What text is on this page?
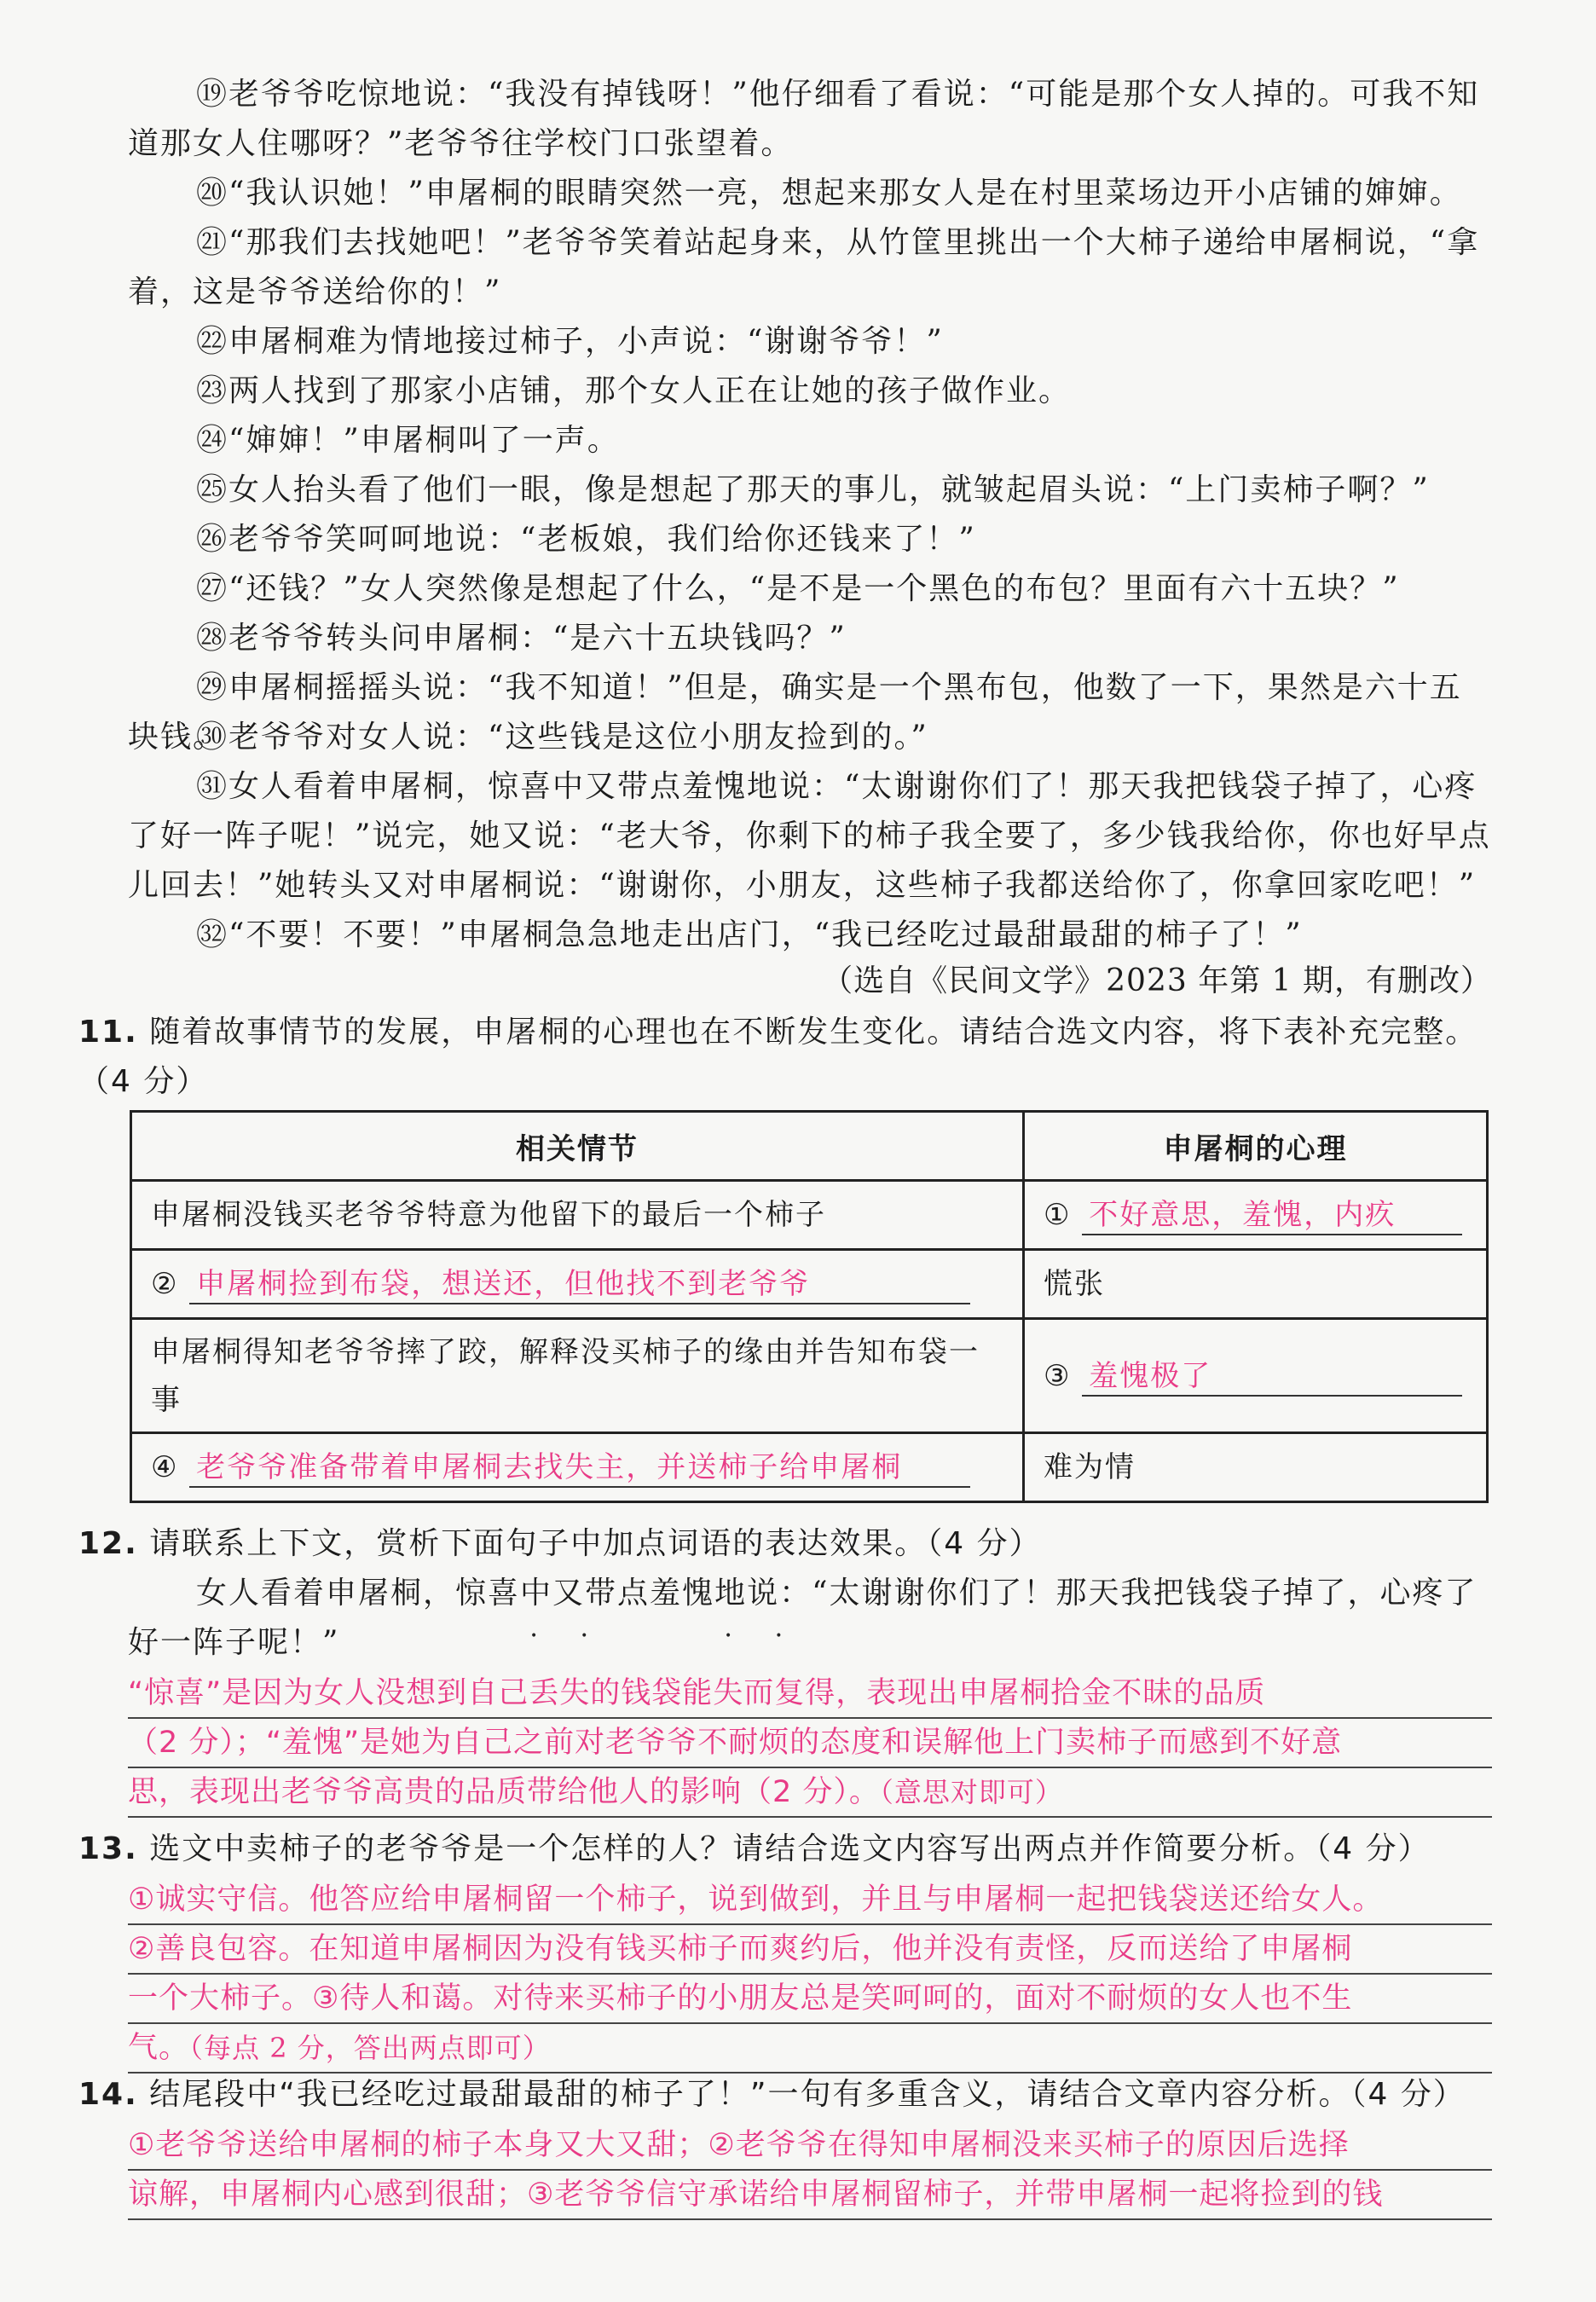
⑲老爷爷吃惊地说：“我没有掉钱呀！”他仔细看了看说：“可能是那个女人掉的。可我不知道那女人住哪呀？”老爷爷往学校门口张望着。

⑳“我认识她！”申屠桐的眼睛突然一亮，想起来那女人是在村里菜场边开小店铺的婶婶。

㉑“那我们去找她吧！”老爷爷笑着站起身来，从竹筐里挑出一个大柿子递给申屠桐说，“拿着，这是爷爷送给你的！”

㉒申屠桐难为情地接过柿子，小声说：“谢谢爷爷！”

㉓两人找到了那家小店铺，那个女人正在让她的孩子做作业。

㉔“婶婶！”申屠桐叫了一声。

㉕女人抬头看了他们一眼，像是想起了那天的事儿，就皱起眉头说：“上门卖柿子啊？”

㉖老爷爷笑呵呵地说：“老板娘，我们给你还钱来了！”

㉗“还钱？”女人突然像是想起了什么，“是不是一个黑色的布包？里面有六十五块？”

㉘老爷爷转头问申屠桐：“是六十五块钱吗？”

㉙申屠桐摇摇头说：“我不知道！”但是，确实是一个黑布包，他数了一下，果然是六十五块钱。

㉚老爷爷对女人说：“这些钱是这位小朋友捡到的。”

㉛女人看着申屠桐，惊喜中又带点羞愧地说：“太谢谢你们了！那天我把钱袋子掉了，心疼了好一阵子呢！”说完，她又说：“老大爷，你剩下的柿子我全要了，多少钱我给你，你也好早点儿回去！”她转头又对申屠桐说：“谢谢你，小朋友，这些柿子我都送给你了，你拿回家吃吧！”

㉜“不要！不要！”申屠桐急急地走出店门，“我已经吃过最甜最甜的柿子了！”

（选自《民间文学》2023 年第 1 期，有删改）

11. 随着故事情节的发展，申屠桐的心理也在不断发生变化。请结合选文内容，将下表补充完整。（4 分）

相关情节	申屠桐的心理
申屠桐没钱买老爷爷特意为他留下的最后一个柿子	① 不好意思，羞愧，内疚
② 申屠桐捡到布袋，想送还，但他找不到老爷爷	慌张
申屠桐得知老爷爷摔了跤，解释没买柿子的缘由并告知布袋一事	③ 羞愧极了
④ 老爷爷准备带着申屠桐去找失主，并送柿子给申屠桐	难为情

12. 请联系上下文，赏析下面句子中加点词语的表达效果。（4 分）

女人看着申屠桐，惊喜 •  •中又带点羞愧 •  •地说：“太谢谢你们了！那天我把钱袋子掉了，心疼了好一阵子呢！”

“惊喜”是因为女人没想到自己丢失的钱袋能失而复得，表现出申屠桐拾金不昧的品质
（2 分）；“羞愧”是她为自己之前对老爷爷不耐烦的态度和误解他上门卖柿子而感到不好意
思，表现出老爷爷高贵的品质带给他人的影响（2 分）。（意思对即可）

13. 选文中卖柿子的老爷爷是一个怎样的人？请结合选文内容写出两点并作简要分析。（4 分）

①诚实守信。他答应给申屠桐留一个柿子，说到做到，并且与申屠桐一起把钱袋送还给女人。
②善良包容。在知道申屠桐因为没有钱买柿子而爽约后，他并没有责怪，反而送给了申屠桐
一个大柿子。③待人和蔼。对待来买柿子的小朋友总是笑呵呵的，面对不耐烦的女人也不生
气。（每点 2 分，答出两点即可）

14. 结尾段中“我已经吃过最甜最甜的柿子了！”一句有多重含义，请结合文章内容分析。（4 分）

①老爷爷送给申屠桐的柿子本身又大又甜；②老爷爷在得知申屠桐没来买柿子的原因后选择
谅解，申屠桐内心感到很甜；③老爷爷信守承诺给申屠桐留柿子，并带申屠桐一起将捡到的钱
